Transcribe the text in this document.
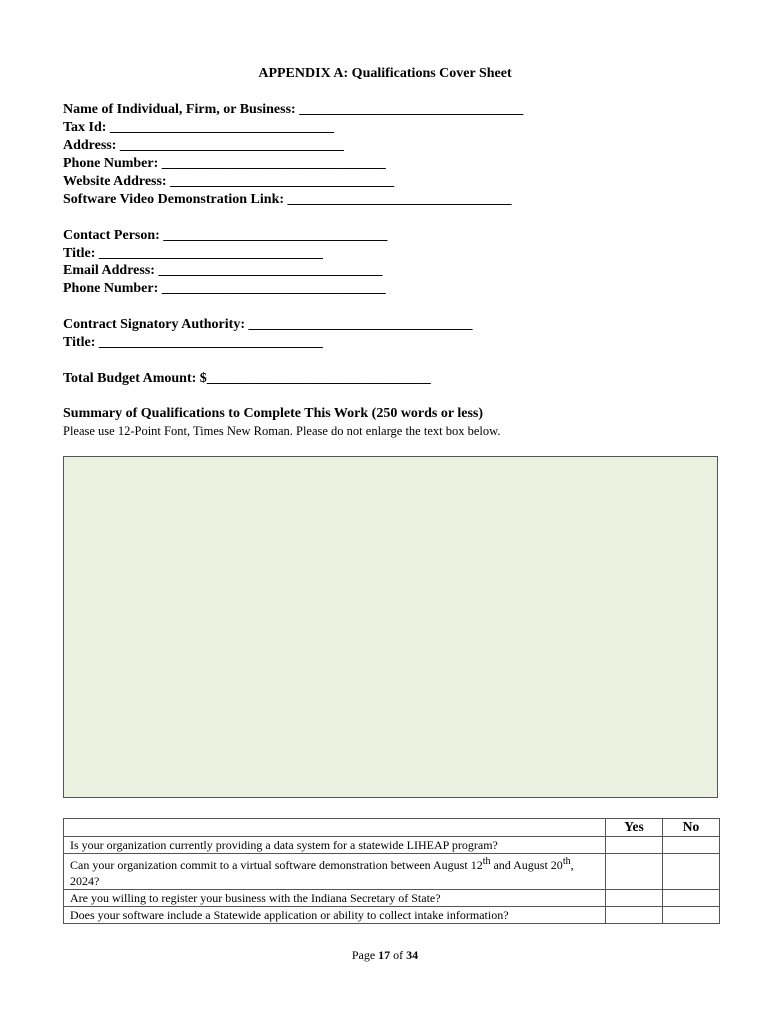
APPENDIX A: Qualifications Cover Sheet
Name of Individual, Firm, or Business: ________________________________
Tax Id: ________________________________
Address: ________________________________
Phone Number: ________________________________
Website Address: ________________________________
Software Video Demonstration Link: ________________________________
Contact Person: ________________________________
Title: ________________________________
Email Address: ________________________________
Phone Number: ________________________________
Contract Signatory Authority: ________________________________
Title: ________________________________
Total Budget Amount: $________________________________
Summary of Qualifications to Complete This Work (250 words or less)
Please use 12-Point Font, Times New Roman. Please do not enlarge the text box below.
	Yes	No
Is your organization currently providing a data system for a statewide LIHEAP program?		
Can your organization commit to a virtual software demonstration between August 12th and August 20th, 2024?		
Are you willing to register your business with the Indiana Secretary of State?		
Does your software include a Statewide application or ability to collect intake information?		
Page 17 of 34
